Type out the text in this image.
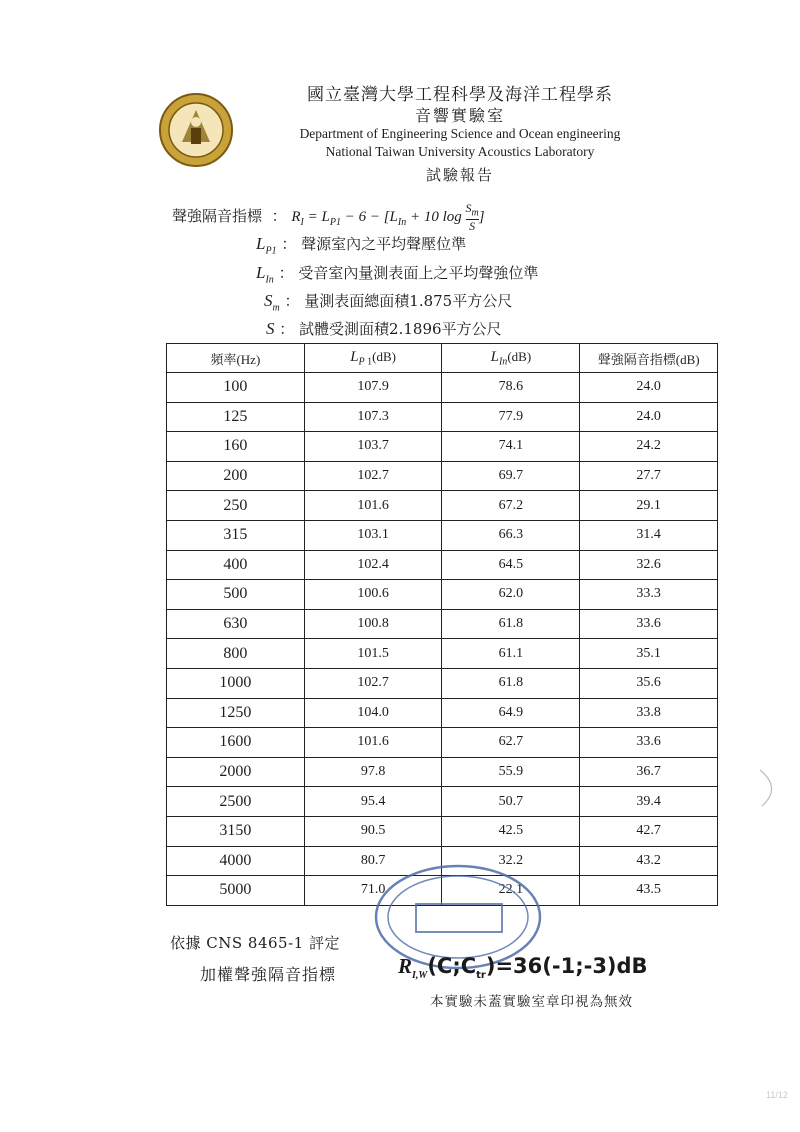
國立臺灣大學工程科學及海洋工程學系
音響實驗室
Department of Engineering Science and Ocean engineering
National Taiwan University Acoustics Laboratory
試驗報告
聲強隔音指標  ： $R_I = L_{P1} - 6 - [L_{In} + 10$ $\log \frac{S_m}{S}$ ]
$L_{P1}$ ： 聲源室內之平均聲壓位準
$L_{In}$ ： 受音室內量測表面上之平均聲強位準
$S_m$ ： 量測表面總面積1.875平方公尺
S ： 試體受測面積2.1896平方公尺
頻率(Hz)	$L_{P 1}(dB)$	$L_{In}(dB)$	聲強隔音指標(dB)
100	107.9	78.6	24.0
125	107.3	77.9	24.0
160	103.7	74.1	24.2
200	102.7	69.7	27.7
250	101.6	67.2	29.1
315	103.1	66.3	31.4
400	102.4	64.5	32.6
500	100.6	62.0	33.3
630	100.8	61.8	33.6
800	101.5	61.1	35.1
1000	102.7	61.8	35.6
1250	104.0	64.9	33.8
1600	101.6	62.7	33.6
2000	97.8	55.9	36.7
2500	95.4	50.7	39.4
3150	90.5	42.5	42.7
4000	80.7	32.2	43.2
5000	71.0	22.1	43.5
依據 CNS 8465-1 評定
加權聲強隔音指標	$R_{I,W}(C;C_{tr})=36(-1;-3)dB$
本實驗未蓋實驗室章印視為無效
11/12
